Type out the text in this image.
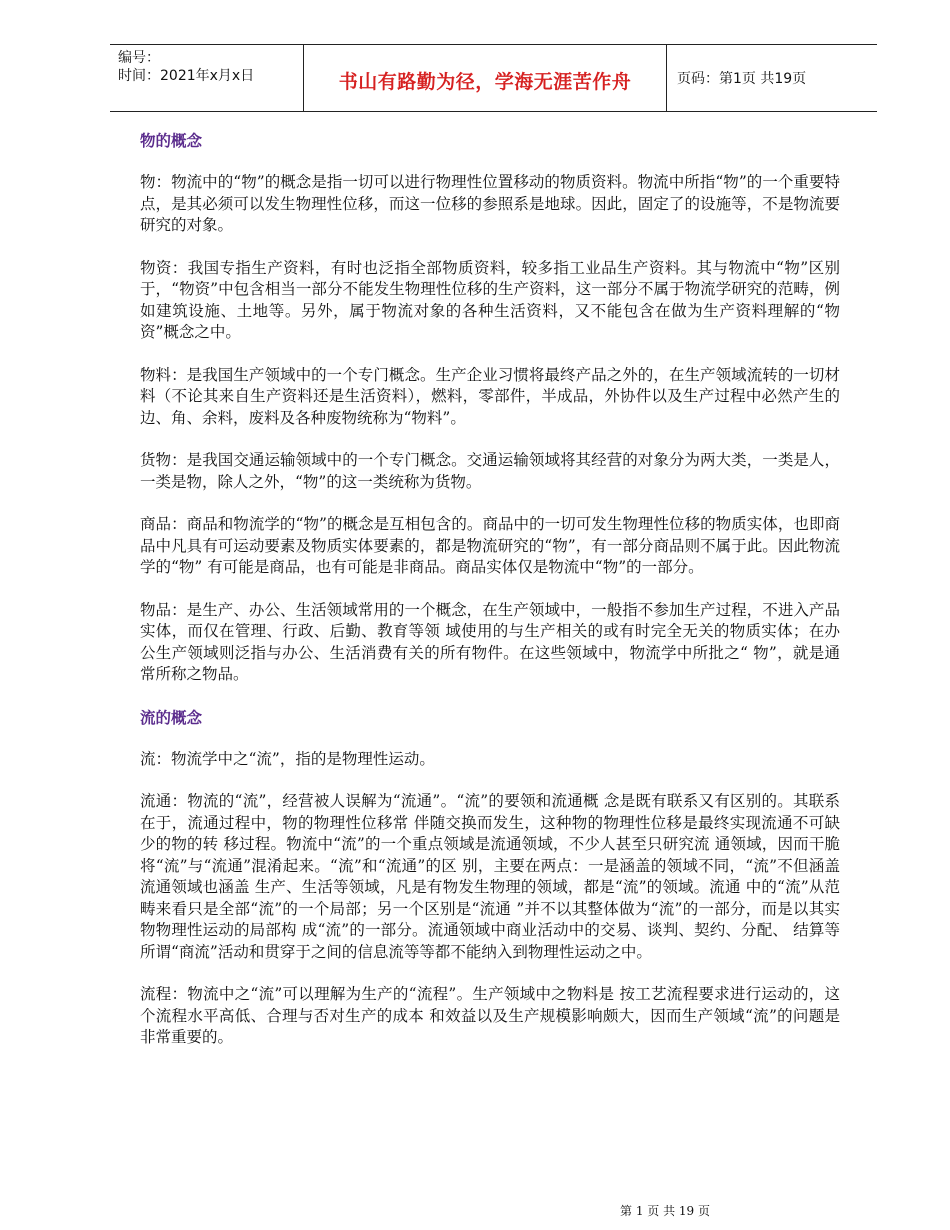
编号：
时间：2021年x月x日	书山有路勤为径，学海无涯苦作舟	页码：第1页 共19页
物的概念

物：物流中的“物”的概念是指一切可以进行物理性位置移动的物质资料。物流中所指“物”的一个重要特点，是其必须可以发生物理性位移，而这一位移的参照系是地球。因此，固定了的设施等，不是物流要研究的对象。

物资：我国专指生产资料，有时也泛指全部物质资料，较多指工业品生产资料。其与物流中“物”区别于，“物资”中包含相当一部分不能发生物理性位移的生产资料，这一部分不属于物流学研究的范畴，例如建筑设施、土地等。另外，属于物流对象的各种生活资料，又不能包含在做为生产资料理解的“物资”概念之中。

物料：是我国生产领域中的一个专门概念。生产企业习惯将最终产品之外的，在生产领域流转的一切材料（不论其来自生产资料还是生活资料），燃料，零部件，半成品，外协件以及生产过程中必然产生的边、角、余料，废料及各种废物统称为“物料”。

货物：是我国交通运输领域中的一个专门概念。交通运输领域将其经营的对象分为两大类，一类是人，一类是物，除人之外，“物”的这一类统称为货物。

商品：商品和物流学的“物”的概念是互相包含的。商品中的一切可发生物理性位移的物质实体，也即商品中凡具有可运动要素及物质实体要素的，都是物流研究的“物”，有一部分商品则不属于此。因此物流学的“物” 有可能是商品，也有可能是非商品。商品实体仅是物流中“物”的一部分。

物品：是生产、办公、生活领域常用的一个概念，在生产领域中，一般指不参加生产过程，不进入产品实体，而仅在管理、行政、后勤、教育等领 域使用的与生产相关的或有时完全无关的物质实体；在办公生产领域则泛指与办公、生活消费有关的所有物件。在这些领域中，物流学中所批之“ 物”，就是通常所称之物品。

流的概念

流：物流学中之“流”，指的是物理性运动。

流通：物流的“流”，经营被人误解为“流通”。“流”的要领和流通概 念是既有联系又有区别的。其联系在于，流通过程中，物的物理性位移常 伴随交换而发生，这种物的物理性位移是最终实现流通不可缺少的物的转 移过程。物流中“流”的一个重点领域是流通领域，不少人甚至只研究流 通领域，因而干脆将“流”与“流通”混淆起来。“流”和“流通”的区 别，主要在两点：一是涵盖的领域不同，“流”不但涵盖流通领域也涵盖 生产、生活等领域，凡是有物发生物理的领域，都是“流”的领域。流通 中的“流”从范畴来看只是全部“流”的一个局部；另一个区别是“流通 ”并不以其整体做为“流”的一部分，而是以其实物物理性运动的局部构 成“流”的一部分。流通领域中商业活动中的交易、谈判、契约、分配、 结算等所谓“商流”活动和贯穿于之间的信息流等等都不能纳入到物理性运动之中。

流程：物流中之“流”可以理解为生产的“流程”。生产领域中之物料是 按工艺流程要求进行运动的，这个流程水平高低、合理与否对生产的成本 和效益以及生产规模影响颇大，因而生产领域“流”的问题是非常重要的。

第 1 页 共 19 页
